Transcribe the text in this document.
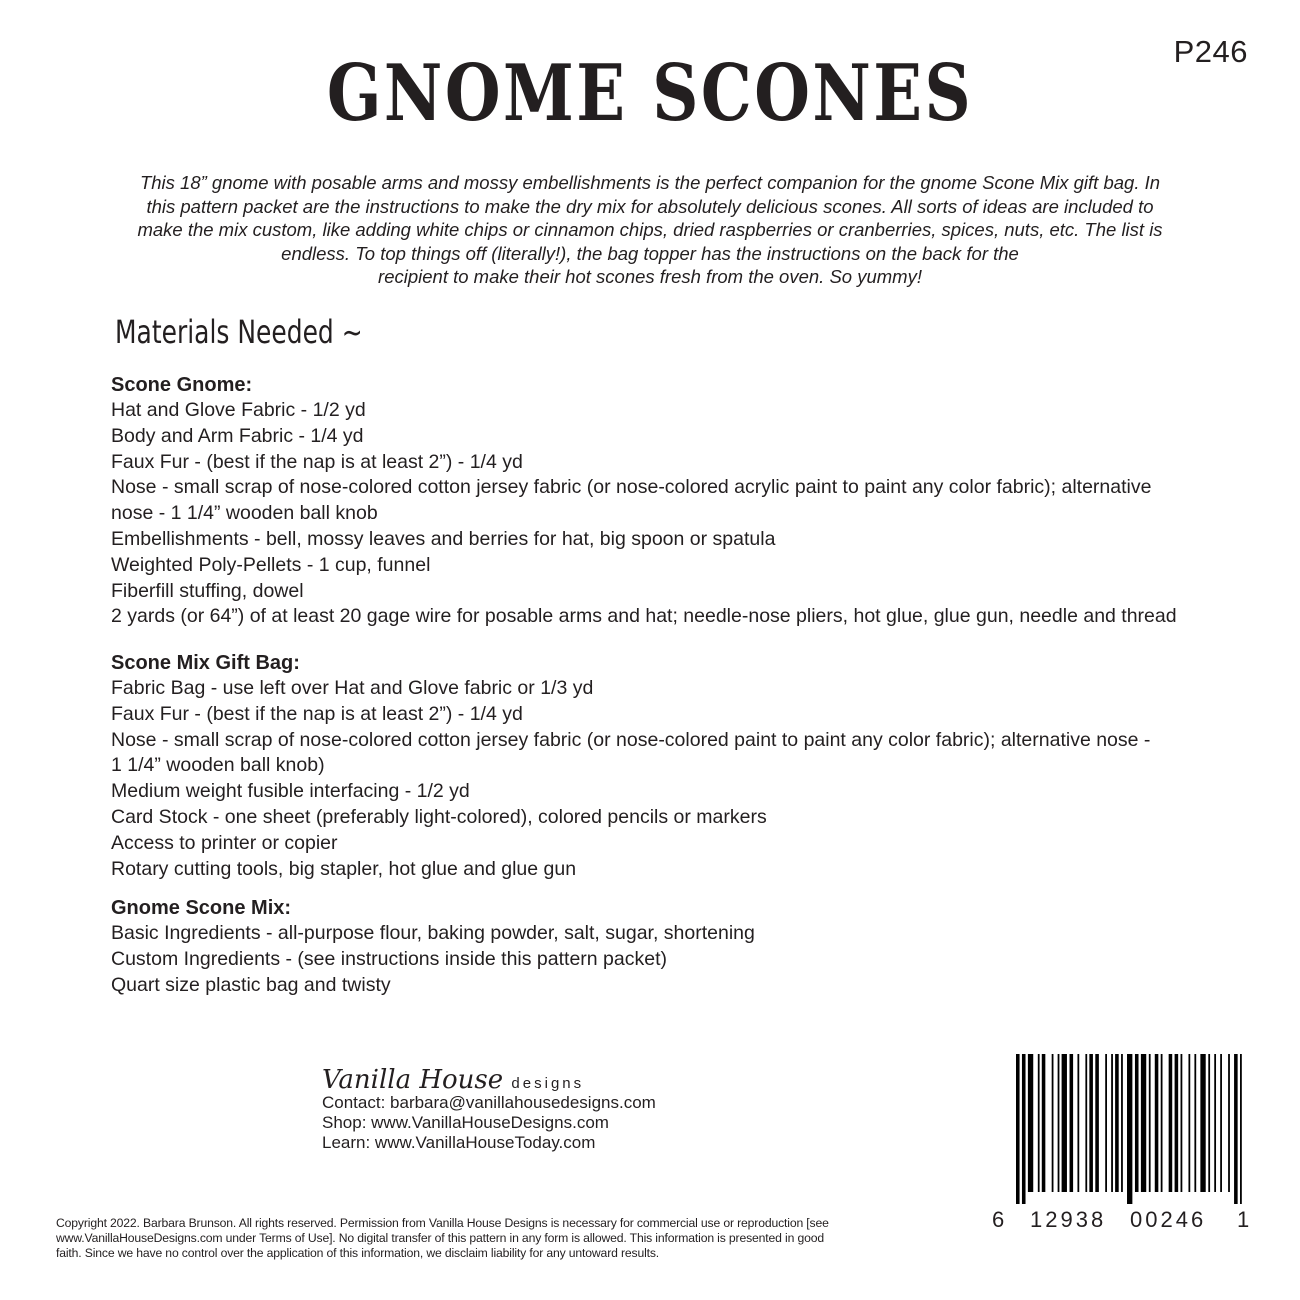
P246
GNOME SCONES

This 18” gnome with posable arms and mossy embellishments is the perfect companion for the gnome Scone Mix gift bag. In

this pattern packet are the instructions to make the dry mix for absolutely delicious scones. All sorts of ideas are included to

make the mix custom, like adding white chips or cinnamon chips, dried raspberries or cranberries, spices, nuts, etc. The list is

endless. To top things off (literally!), the bag topper has the instructions on the back for the

recipient to make their hot scones fresh from the oven. So yummy!

Materials Needed ~
Scone Gnome:
Hat and Glove Fabric - 1/2 yd
Body and Arm Fabric - 1/4 yd
Faux Fur - (best if the nap is at least 2”) - 1/4 yd
Nose - small scrap of nose-colored cotton jersey fabric (or nose-colored acrylic paint to paint any color fabric); alternative
nose - 1 1/4” wooden ball knob
Embellishments - bell, mossy leaves and berries for hat, big spoon or spatula
Weighted Poly-Pellets - 1 cup, funnel
Fiberfill stuffing, dowel
2 yards (or 64”) of at least 20 gage wire for posable arms and hat; needle-nose pliers, hot glue, glue gun, needle and thread
Scone Mix Gift Bag:
Fabric Bag - use left over Hat and Glove fabric or 1/3 yd
Faux Fur - (best if the nap is at least 2”) - 1/4 yd
Nose - small scrap of nose-colored cotton jersey fabric (or nose-colored paint to paint any color fabric); alternative nose -
1 1/4” wooden ball knob)
Medium weight fusible interfacing - 1/2 yd
Card Stock - one sheet (preferably light-colored), colored pencils or markers
Access to printer or copier
Rotary cutting tools, big stapler, hot glue and glue gun
Gnome Scone Mix:
Basic Ingredients - all-purpose flour, baking powder, salt, sugar, shortening
Custom Ingredients - (see instructions inside this pattern packet)
Quart size plastic bag and twisty
Vanilla House designs
Contact: barbara@vanillahousedesigns.com
Shop: www.VanillaHouseDesigns.com
Learn: www.VanillaHouseToday.com
Copyright 2022. Barbara Brunson. All rights reserved. Permission from Vanilla House Designs is necessary for commercial use or reproduction [see
www.VanillaHouseDesigns.com under Terms of Use]. No digital transfer of this pattern in any form is allowed. This information is presented in good
faith. Since we have no control over the application of this information, we disclaim liability for any untoward results.
6 12938 00246 1
